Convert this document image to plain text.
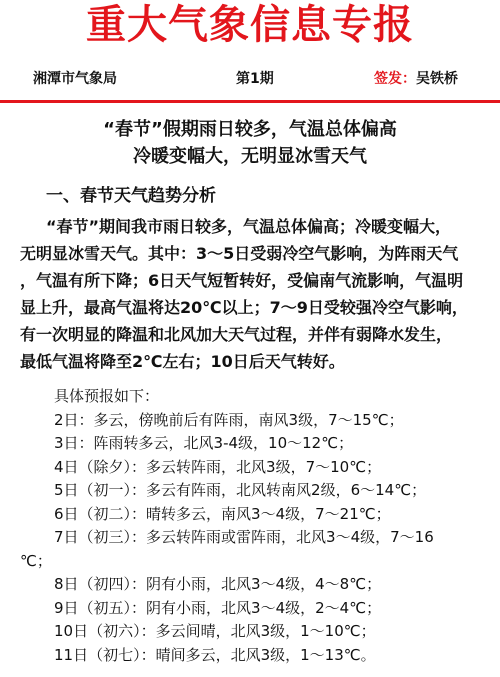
重大气象信息专报
湘潭市气象局	第1期	签发：吴铁桥
“春节”假期雨日较多，气温总体偏高
冷暖变幅大，无明显冰雪天气
一、春节天气趋势分析
“春节”期间我市雨日较多，气温总体偏高；冷暖变幅大，
无明显冰雪天气。其中：3～5日受弱冷空气影响，为阵雨天气
，气温有所下降；6日天气短暂转好，受偏南气流影响，气温明
显上升，最高气温将达20℃以上；7～9日受较强冷空气影响，
有一次明显的降温和北风加大天气过程，并伴有弱降水发生，
最低气温将降至2℃左右；10日后天气转好。
具体预报如下：
2日：多云，傍晚前后有阵雨，南风3级，7～15℃；
3日：阵雨转多云，北风3-4级，10～12℃；
4日（除夕）：多云转阵雨，北风3级，7～10℃；
5日（初一）：多云有阵雨，北风转南风2级，6～14℃；
6日（初二）：晴转多云，南风3～4级，7～21℃；
7日（初三）：多云转阵雨或雷阵雨，北风3～4级，7～16
℃；
8日（初四）：阴有小雨，北风3～4级，4～8℃；
9日（初五）：阴有小雨，北风3～4级，2～4℃；
10日（初六）：多云间晴，北风3级，1～10℃；
11日（初七）：晴间多云，北风3级，1～13℃。
